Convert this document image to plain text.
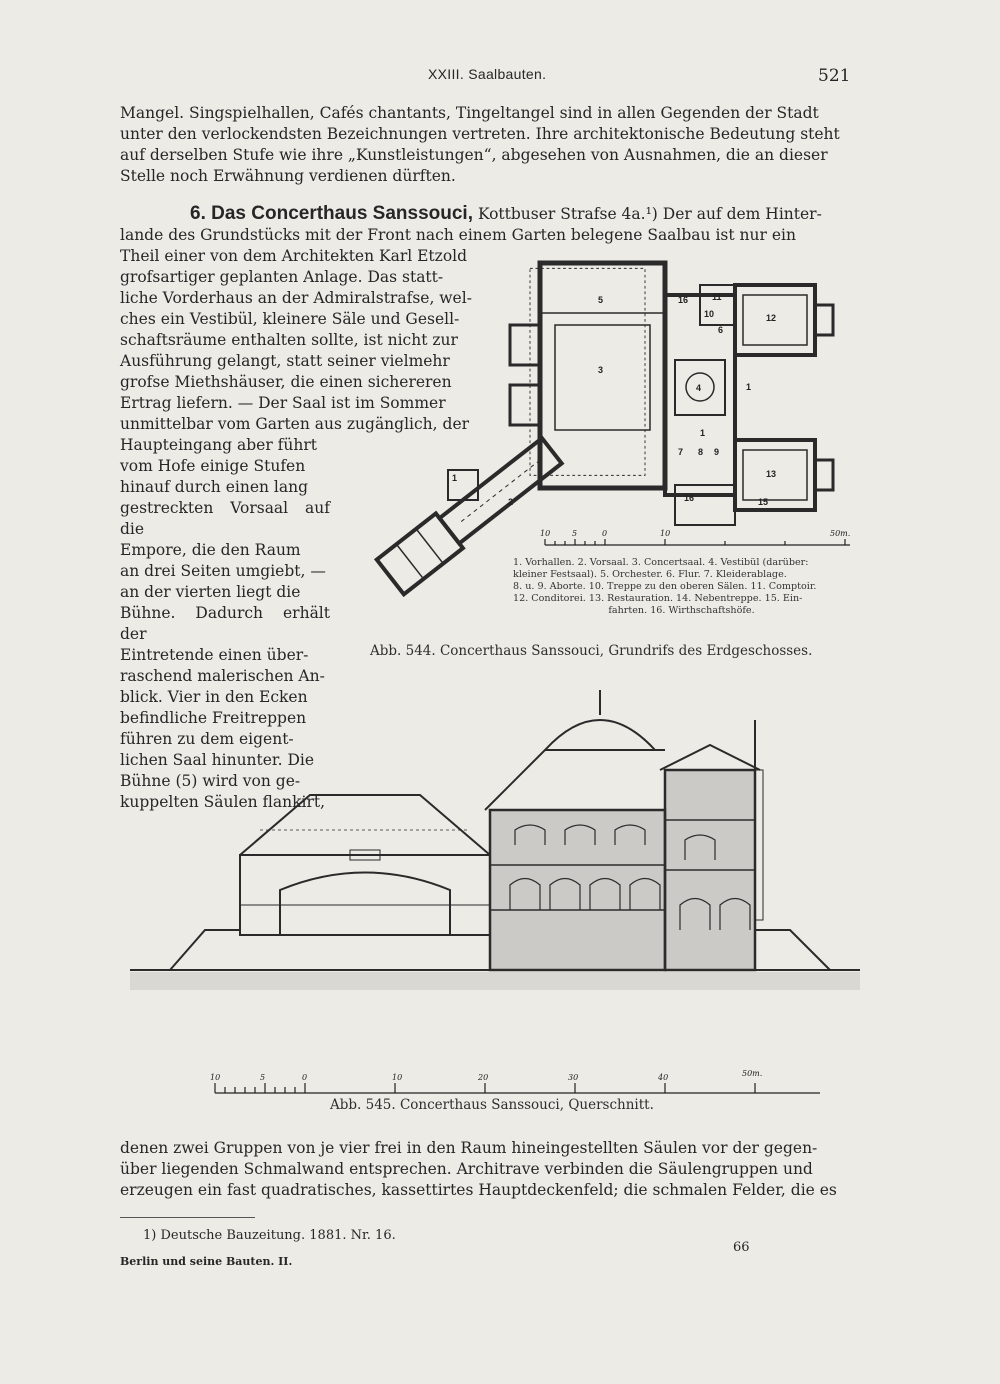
XXIII. Saalbauten.	521

Mangel. Singspielhallen, Cafés chantants, Tingeltangel sind in allen Gegenden der Stadt

unter den verlockendsten Bezeichnungen vertreten. Ihre architektonische Bedeutung steht

auf derselben Stufe wie ihre „Kunstleistungen“, abgesehen von Ausnahmen, die an dieser

Stelle noch Erwähnung verdienen dürften.

6. Das Concerthaus Sanssouci, Kottbuser Strafse 4a.¹) Der auf dem Hinter-

lande des Grundstücks mit der Front nach einem Garten belegene Saalbau ist nur ein

Theil einer von dem Architekten Karl Etzold

grofsartiger geplanten Anlage. Das statt-

liche Vorderhaus an der Admiralstrafse, wel-

ches ein Vestibül, kleinere Säle und Gesell-

schaftsräume enthalten sollte, ist nicht zur

Ausführung gelangt, statt seiner vielmehr

grofse Miethshäuser, die einen sichereren

Ertrag liefern. — Der Saal ist im Sommer

unmittelbar vom Garten aus zugänglich, der

Haupteingang aber führt

vom Hofe einige Stufen

hinauf durch einen lang

gestreckten Vorsaal auf die

Empore, die den Raum

an drei Seiten umgiebt, —

an der vierten liegt die

Bühne. Dadurch erhält der

Eintretende einen über-

raschend malerischen An-

blick. Vier in den Ecken

befindliche Freitreppen

führen zu dem eigent-

lichen Saal hinunter. Die

Bühne (5) wird von ge-

kuppelten Säulen flankirt,

5
3
4	1
1
1
2
7 8 9
6
10
11
12
13
15
16
16
10	5	0	10	50m.
1. Vorhallen. 2. Vorsaal. 3. Concertsaal. 4. Vestibül (darüber:
kleiner Festsaal). 5. Orchester. 6. Flur. 7. Kleiderablage.
8. u. 9. Aborte. 10. Treppe zu den oberen Sälen. 11. Comptoir.
12. Conditorei. 13. Restauration. 14. Nebentreppe. 15. Ein-
fahrten. 16. Wirthschaftshöfe.
Abb. 544. Concerthaus Sanssouci, Grundrifs des Erdgeschosses.
10	5	0	10	20	30	40	50m.
Abb. 545. Concerthaus Sanssouci, Querschnitt.

denen zwei Gruppen von je vier frei in den Raum hineingestellten Säulen vor der gegen-

über liegenden Schmalwand entsprechen. Architrave verbinden die Säulengruppen und

erzeugen ein fast quadratisches, kassettirtes Hauptdeckenfeld; die schmalen Felder, die es

1) Deutsche Bauzeitung. 1881. Nr. 16.
Berlin und seine Bauten. II.
66
